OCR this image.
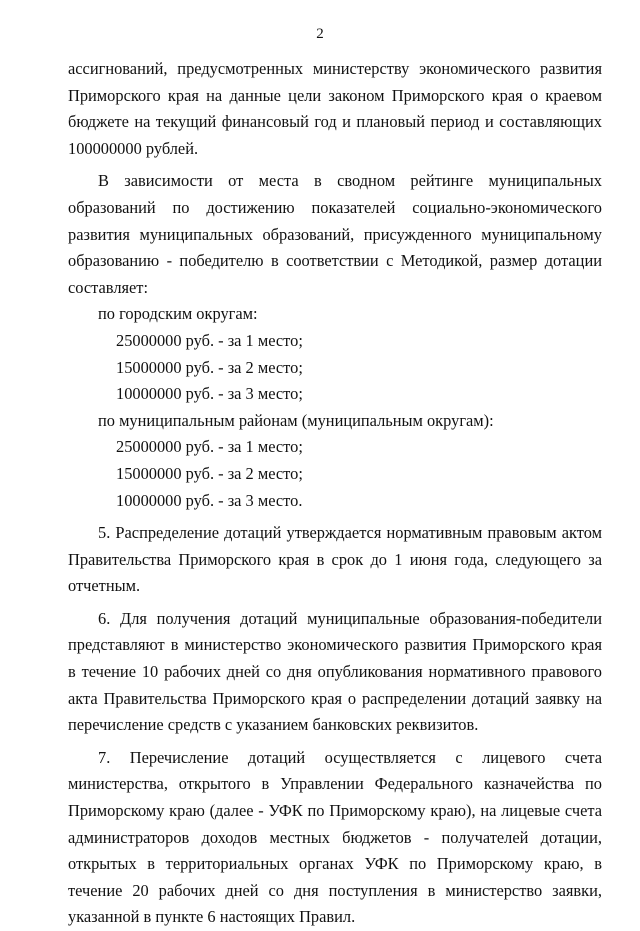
2

ассигнований, предусмотренных министерству экономического развития Приморского края на данные цели законом Приморского края о краевом бюджете на текущий финансовый год и плановый период и составляющих 100000000 рублей.

В зависимости от места в сводном рейтинге муниципальных образований по достижению показателей социально-экономического развития муниципальных образований, присужденного муниципальному образованию - победителю в соответствии с Методикой, размер дотации составляет:

по городским округам:

25000000 руб. - за 1 место;

15000000 руб. - за 2 место;

10000000 руб. - за 3 место;

по муниципальным районам (муниципальным округам):

25000000 руб. - за 1 место;

15000000 руб. - за 2 место;

10000000 руб. - за 3 место.

5. Распределение дотаций утверждается нормативным правовым актом Правительства Приморского края в срок до 1 июня года, следующего за отчетным.

6. Для получения дотаций муниципальные образования-победители представляют в министерство экономического развития Приморского края в течение 10 рабочих дней со дня опубликования нормативного правового акта Правительства Приморского края о распределении дотаций заявку на перечисление средств с указанием банковских реквизитов.

7. Перечисление дотаций осуществляется с лицевого счета министерства, открытого в Управлении Федерального казначейства по Приморскому краю (далее - УФК по Приморскому краю), на лицевые счета администраторов доходов местных бюджетов - получателей дотации, открытых в территориальных органах УФК по Приморскому краю, в течение 20 рабочих дней со дня поступления в министерство заявки, указанной в пункте 6 настоящих Правил.
